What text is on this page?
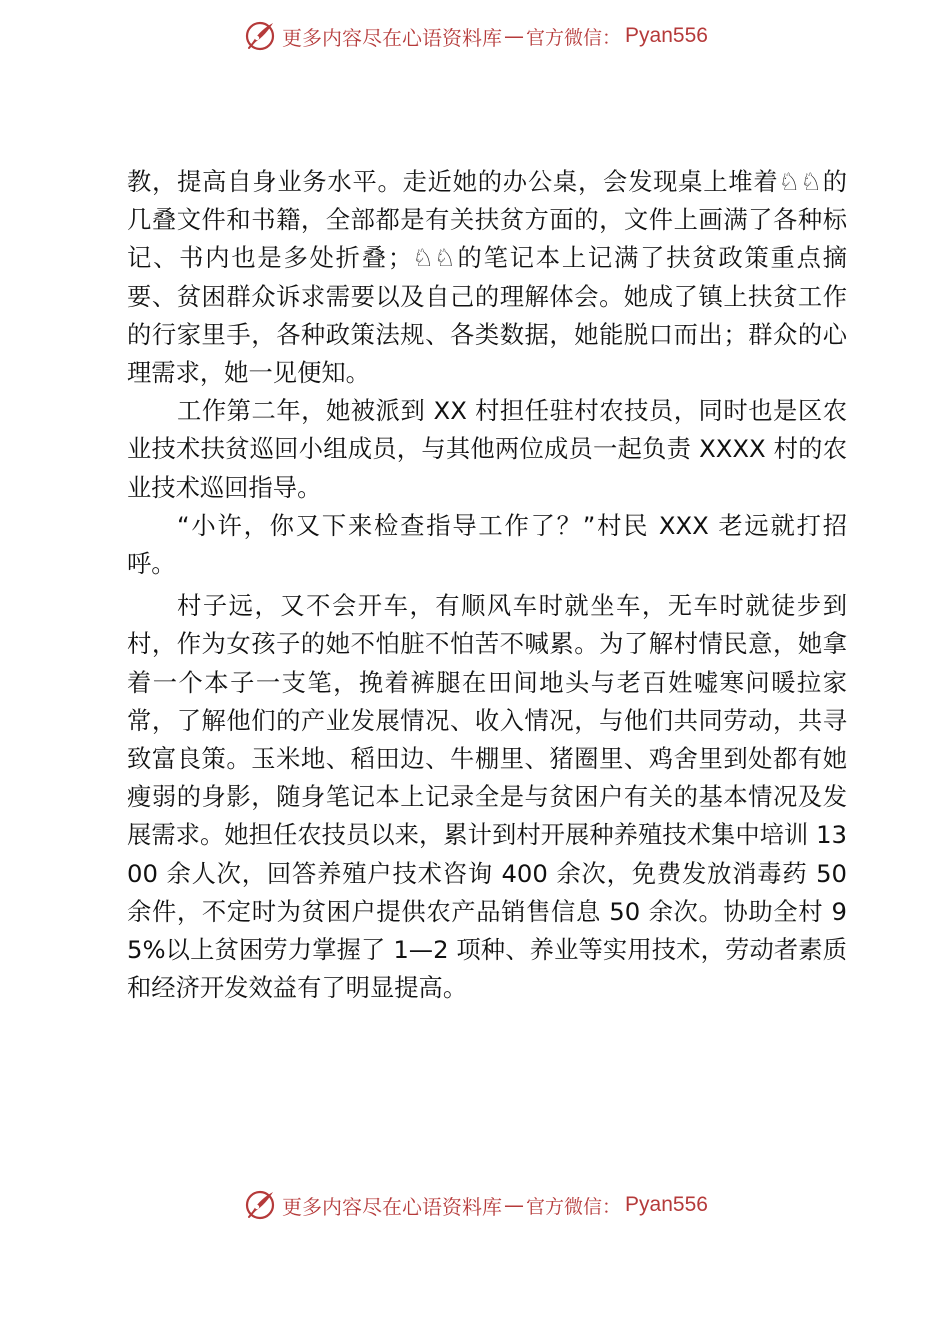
更多内容尽在心语资料库 — 官方微信： Pyan556

教，提高自身业务水平。走近她的办公桌，会发现桌上堆着♘♘的几叠文件和书籍，全部都是有关扶贫方面的，文件上画满了各种标记、书内也是多处折叠；♘♘的笔记本上记满了扶贫政策重点摘要、贫困群众诉求需要以及自己的理解体会。她成了镇上扶贫工作的行家里手，各种政策法规、各类数据，她能脱口而出；群众的心理需求，她一见便知。

工作第二年，她被派到 XX 村担任驻村农技员，同时也是区农业技术扶贫巡回小组成员，与其他两位成员一起负责 XXXX 村的农业技术巡回指导。

“小许，你又下来检查指导工作了？”村民 XXX 老远就打招呼。

村子远，又不会开车，有顺风车时就坐车，无车时就徒步到村，作为女孩子的她不怕脏不怕苦不喊累。为了解村情民意，她拿着一个本子一支笔，挽着裤腿在田间地头与老百姓嘘寒问暖拉家常，了解他们的产业发展情况、收入情况，与他们共同劳动，共寻致富良策。玉米地、稻田边、牛棚里、猪圈里、鸡舍里到处都有她瘦弱的身影，随身笔记本上记录全是与贫困户有关的基本情况及发展需求。她担任农技员以来，累计到村开展种养殖技术集中培训 1300 余人次，回答养殖户技术咨询 400 余次，免费发放消毒药 50 余件，不定时为贫困户提供农产品销售信息 50 余次。协助全村 95%以上贫困劳力掌握了 1—2 项种、养业等实用技术，劳动者素质和经济开发效益有了明显提高。

更多内容尽在心语资料库 — 官方微信： Pyan556
